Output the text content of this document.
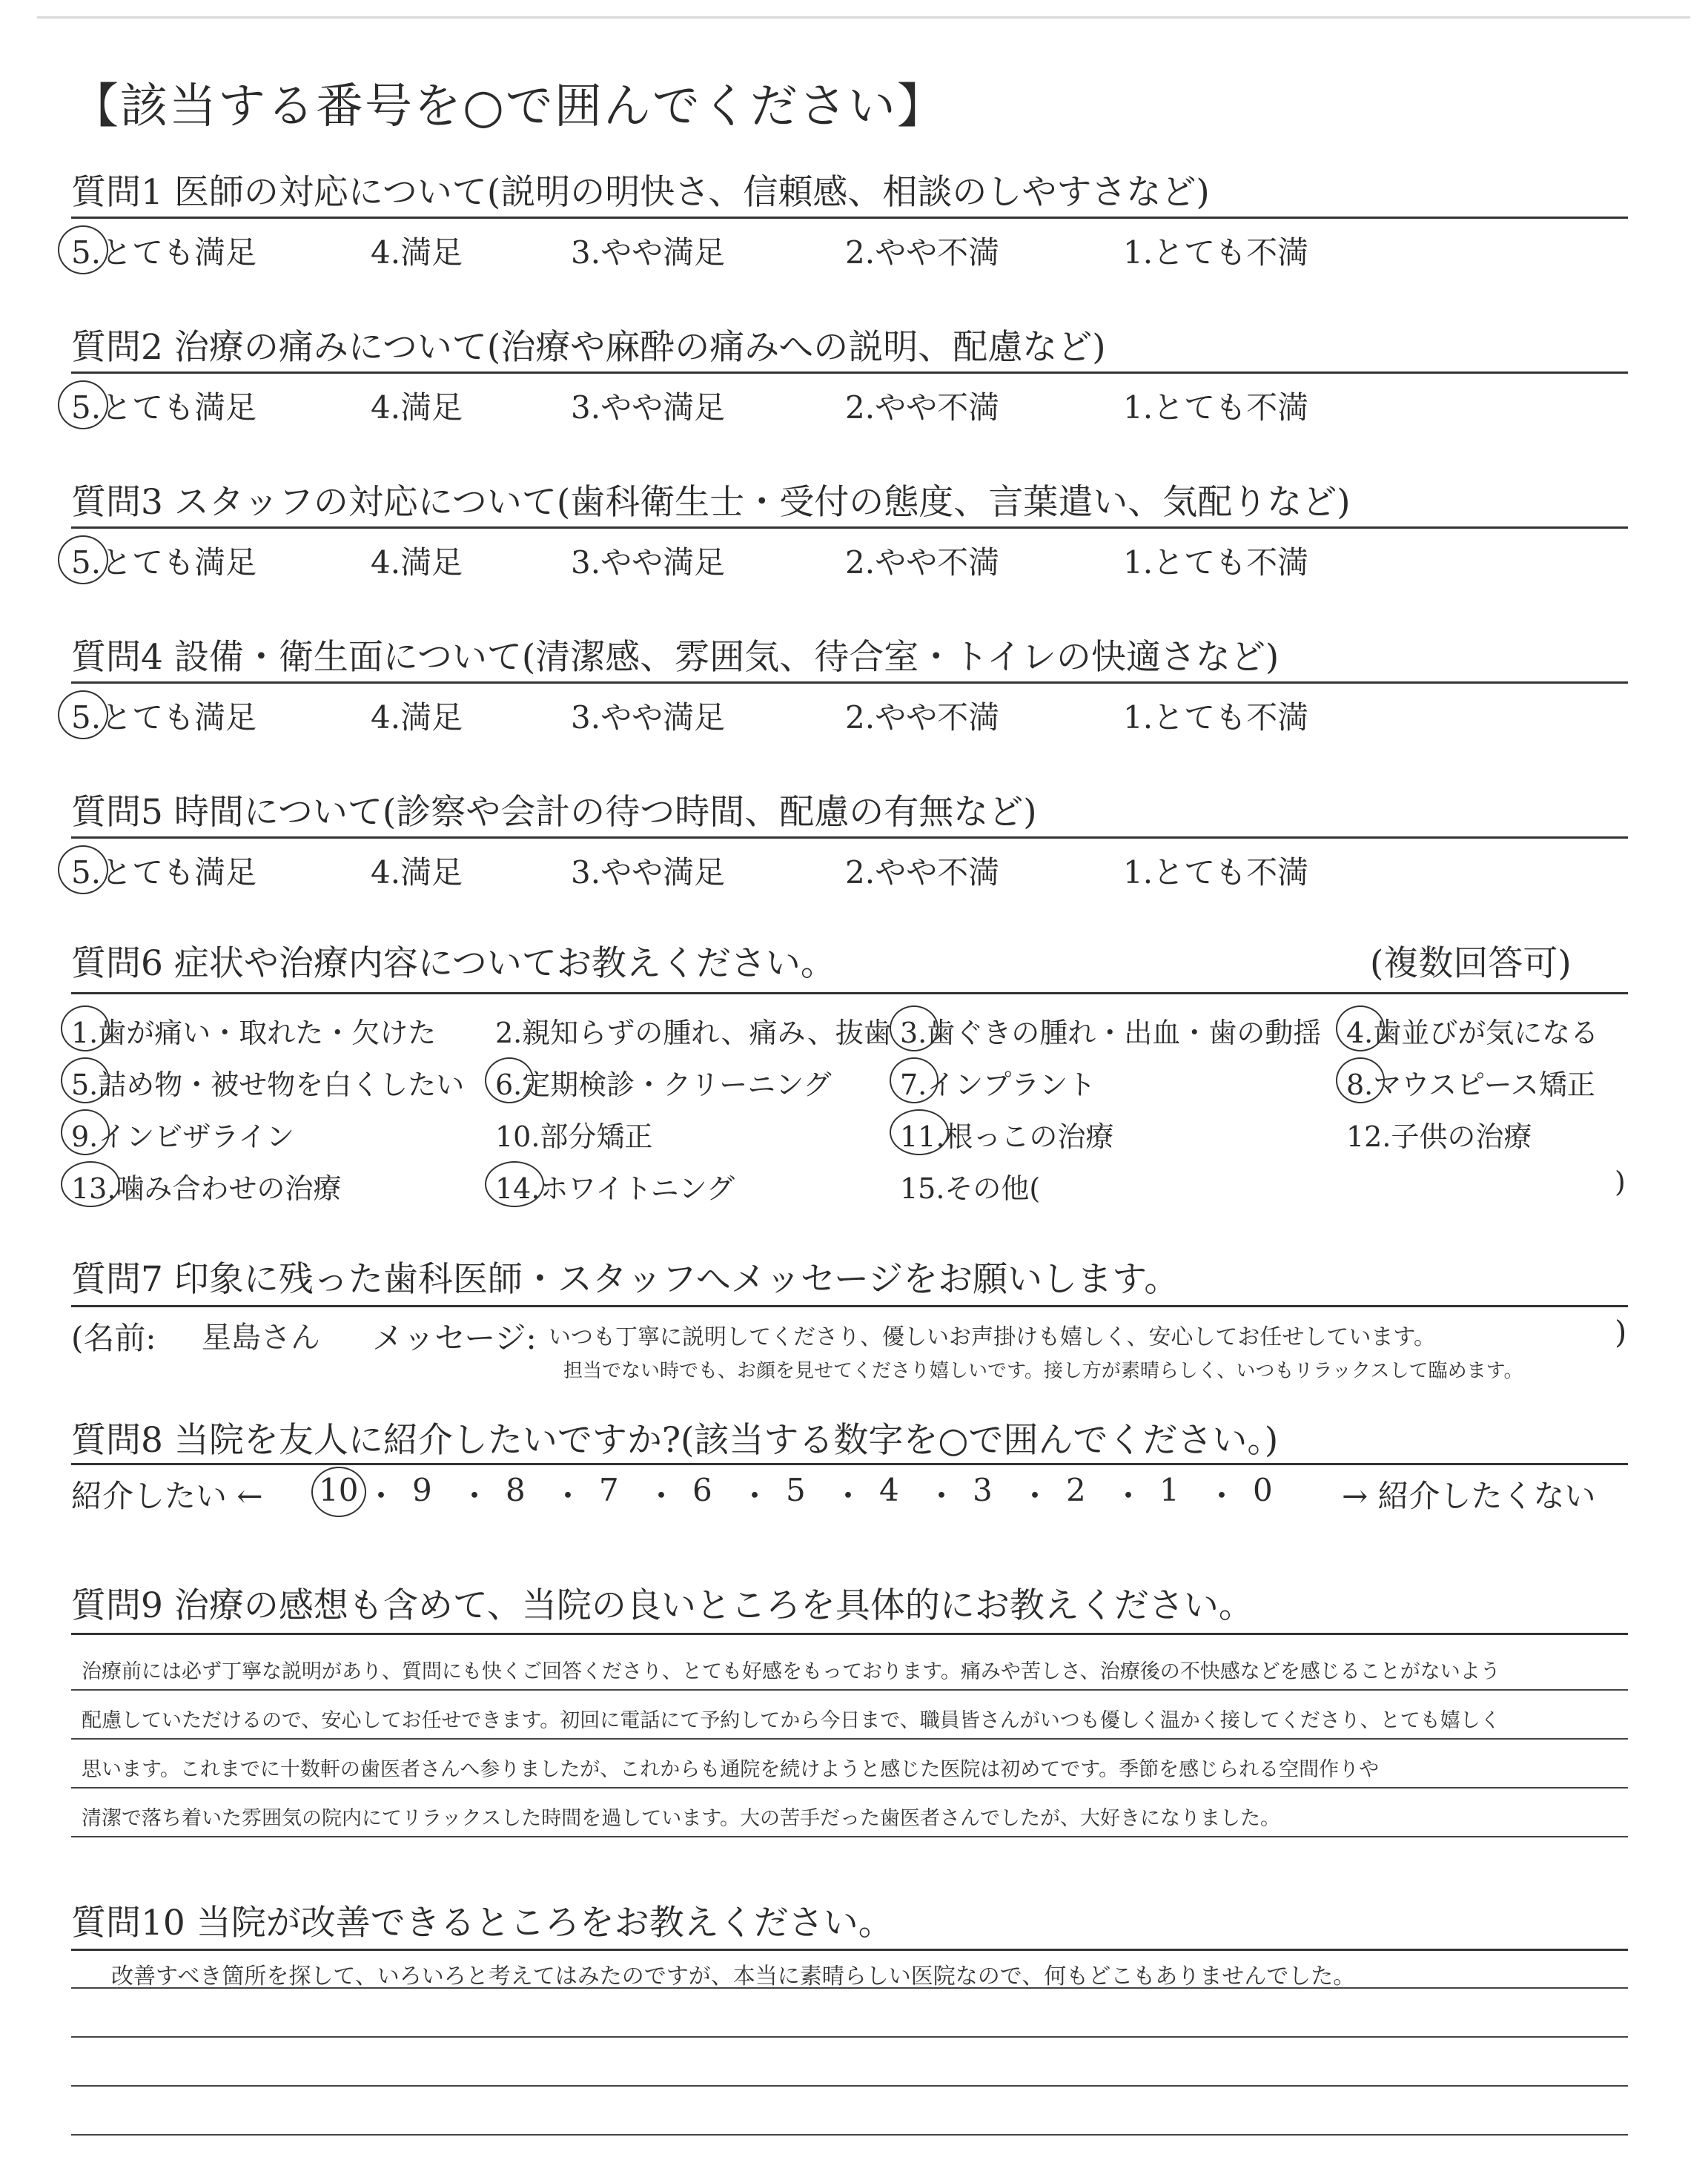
【該当する番号を○で囲んでください】
質問1 医師の対応について(説明の明快さ、信頼感、相談のしやすさなど)
5.とても満足	4.満足	3.やや満足	2.やや不満	1.とても不満
質問2 治療の痛みについて(治療や麻酔の痛みへの説明、配慮など)
5.とても満足	4.満足	3.やや満足	2.やや不満	1.とても不満
質問3 スタッフの対応について(歯科衛生士・受付の態度、言葉遣い、気配りなど)
5.とても満足	4.満足	3.やや満足	2.やや不満	1.とても不満
質問4 設備・衛生面について(清潔感、雰囲気、待合室・トイレの快適さなど)
5.とても満足	4.満足	3.やや満足	2.やや不満	1.とても不満
質問5 時間について(診察や会計の待つ時間、配慮の有無など)
5.とても満足	4.満足	3.やや満足	2.やや不満	1.とても不満
質問6 症状や治療内容についてお教えください。	(複数回答可)
1.歯が痛い・取れた・欠けた 2.親知らずの腫れ、痛み、抜歯 3.歯ぐきの腫れ・出血・歯の動揺 4.歯並びが気になる
5.詰め物・被せ物を白くしたい 6.定期検診・クリーニング 7.インプラント	8.マウスピース矯正
9.インビザライン	10.部分矯正	11.根っこの治療	12.子供の治療
13.噛み合わせの治療	14.ホワイトニング	15.その他(	)
質問7 印象に残った歯科医師・スタッフへメッセージをお願いします。
(名前: 星島さん メッセージ: いつも丁寧に説明してくださり、優しいお声掛けも嬉しく、安心してお任せしています。
担当でない時でも、お顔を見せてくださり嬉しいです。接し方が素晴らしく、いつもリラックスして臨めます。
)
質問8 当院を友人に紹介したいですか?(該当する数字を○で囲んでください。)
紹介したい ← 10 ・ 9 ・ 8 ・ 7 ・ 6 ・ 5 ・ 4 ・ 3 ・ 2 ・ 1 ・ 0 → 紹介したくない
質問9 治療の感想も含めて、当院の良いところを具体的にお教えください。
治療前には必ず丁寧な説明があり、質問にも快くご回答くださり、とても好感をもっております。痛みや苦しさ、治療後の不快感などを感じることがないよう
配慮していただけるので、安心してお任せできます。初回に電話にて予約してから今日まで、職員皆さんがいつも優しく温かく接してくださり、とても嬉しく
思います。これまでに十数軒の歯医者さんへ参りましたが、これからも通院を続けようと感じた医院は初めてです。季節を感じられる空間作りや
清潔で落ち着いた雰囲気の院内にてリラックスした時間を過しています。大の苦手だった歯医者さんでしたが、大好きになりました。
質問10 当院が改善できるところをお教えください。
改善すべき箇所を探して、いろいろと考えてはみたのですが、本当に素晴らしい医院なので、何もどこもありませんでした。
